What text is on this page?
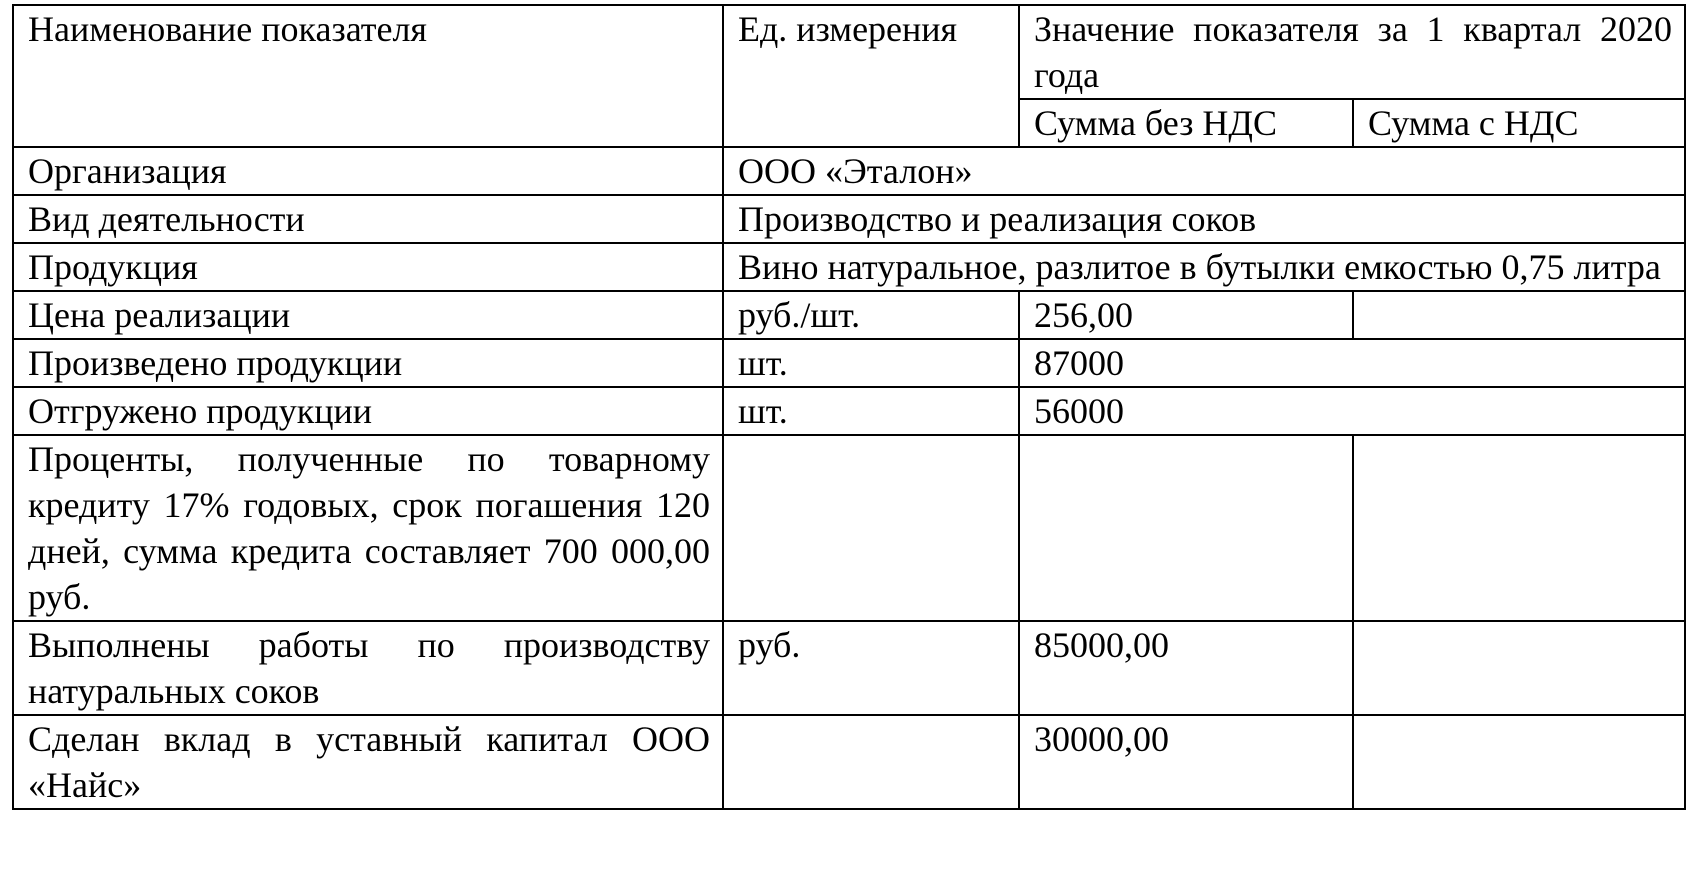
Наименование показателя	Ед. измерения	Значение показателя за 1 квартал 2020 года	
		Сумма без НДС	Сумма с НДС
Организация	ООО «Эталон»		
Вид деятельности	Производство и реализация соков		
Продукция	Вино натуральное, разлитое в бутылки емкостью 0,75 литра		
Цена реализации	руб./шт.	256,00	
Произведено продукции	шт.	87000	
Отгружено продукции	шт.	56000	
Проценты, полученные по товарному кредиту 17% годовых, срок погашения 120 дней, сумма кредита составляет 700 000,00 руб.			
Выполнены работы по производству натуральных соков	руб.	85000,00	
Сделан вклад в уставный капитал ООО «Найс»		30000,00	
